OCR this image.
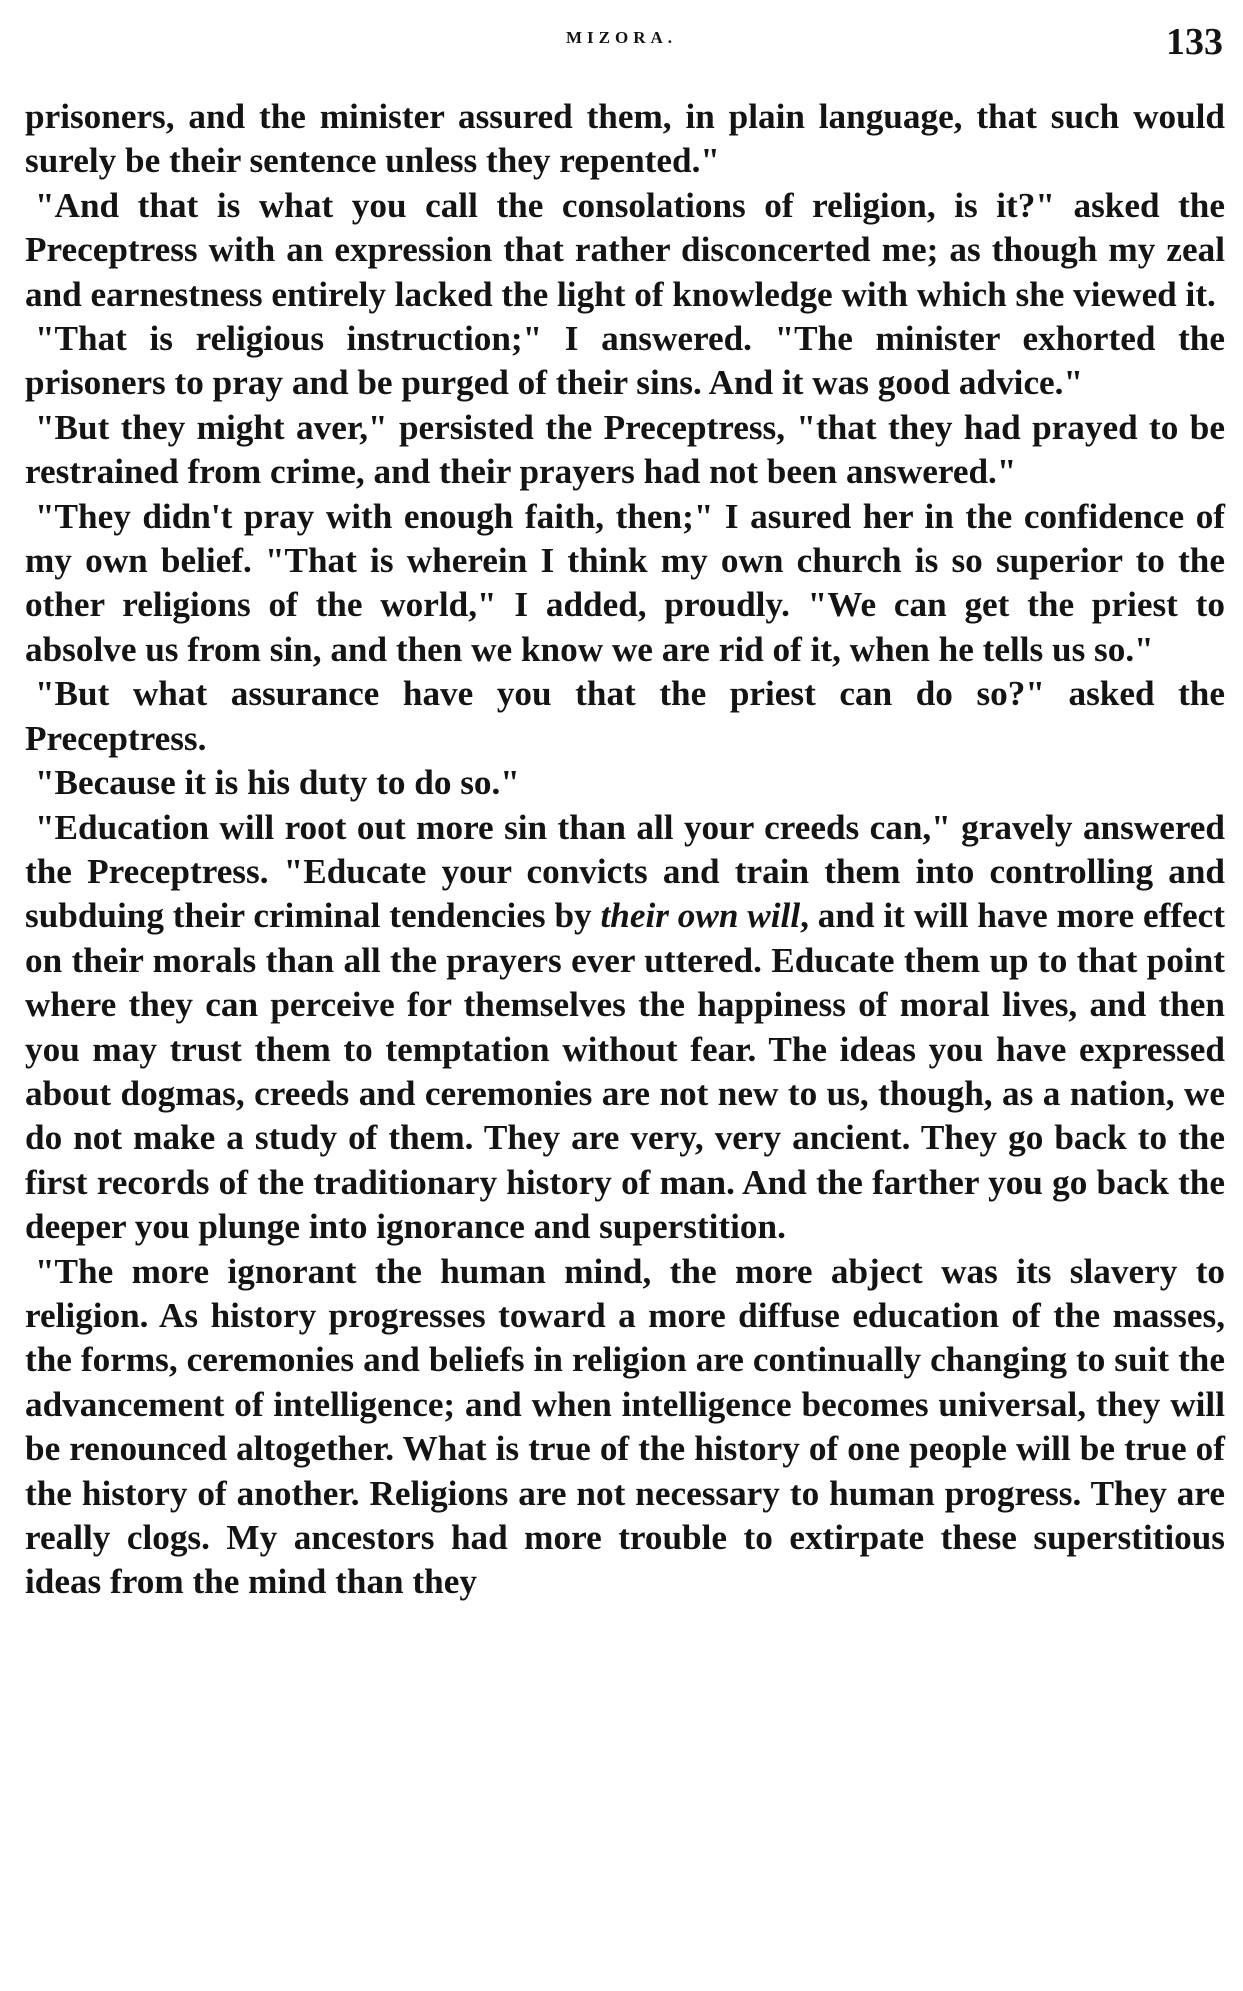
MIZORA.	133

prisoners, and the minister assured them, in plain language, that such would surely be their sentence unless they repented."

"And that is what you call the consolations of religion, is it?" asked the Preceptress with an expression that rather disconcerted me; as though my zeal and earnestness entirely lacked the light of knowledge with which she viewed it.

"That is religious instruction;" I answered. "The minister exhorted the prisoners to pray and be purged of their sins. And it was good advice."

"But they might aver," persisted the Preceptress, "that they had prayed to be restrained from crime, and their prayers had not been answered."

"They didn't pray with enough faith, then;" I asured her in the confidence of my own belief. "That is wherein I think my own church is so superior to the other religions of the world," I added, proudly. "We can get the priest to absolve us from sin, and then we know we are rid of it, when he tells us so."

"But what assurance have you that the priest can do so?" asked the Preceptress.

"Because it is his duty to do so."

"Education will root out more sin than all your creeds can," gravely answered the Preceptress. "Educate your convicts and train them into controlling and subduing their criminal tendencies by their own will, and it will have more effect on their morals than all the prayers ever uttered. Educate them up to that point where they can perceive for themselves the happiness of moral lives, and then you may trust them to temptation without fear. The ideas you have expressed about dogmas, creeds and ceremonies are not new to us, though, as a nation, we do not make a study of them. They are very, very ancient. They go back to the first records of the traditionary history of man. And the farther you go back the deeper you plunge into ignorance and superstition.

"The more ignorant the human mind, the more abject was its slavery to religion. As history progresses toward a more diffuse education of the masses, the forms, ceremonies and beliefs in religion are continually changing to suit the advancement of intelligence; and when intelligence becomes universal, they will be renounced altogether. What is true of the history of one people will be true of the history of another. Religions are not necessary to human progress. They are really clogs. My ancestors had more trouble to extirpate these superstitious ideas from the mind than they
